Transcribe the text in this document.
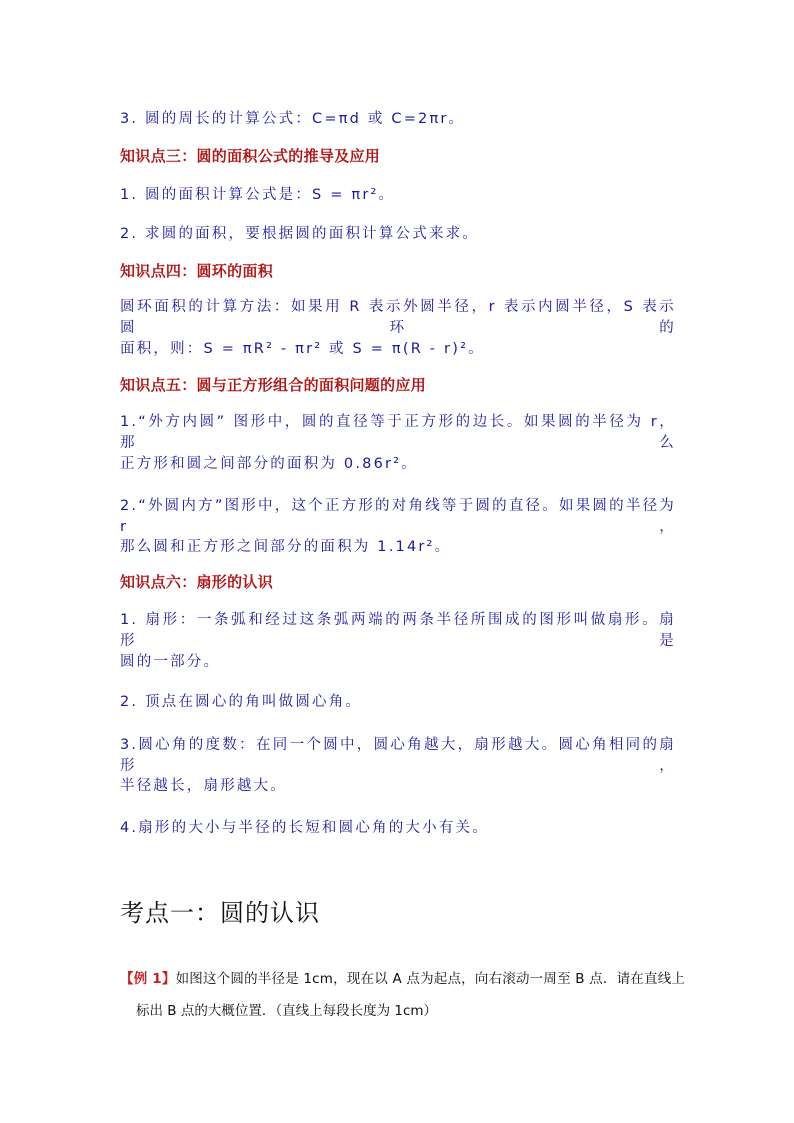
3. 圆的周长的计算公式：C=πd 或 C=2πr。
知识点三：圆的面积公式的推导及应用
1. 圆的面积计算公式是：S = πr²。
2. 求圆的面积，要根据圆的面积计算公式来求。
知识点四：圆环的面积
圆环面积的计算方法：如果用 R 表示外圆半径，r 表示内圆半径，S 表示圆环的
面积，则：S = πR² - πr² 或 S = π(R - r)²。
知识点五：圆与正方形组合的面积问题的应用
1.“外方内圆” 图形中，圆的直径等于正方形的边长。如果圆的半径为 r，那么
正方形和圆之间部分的面积为 0.86r²。
2.“外圆内方”图形中，这个正方形的对角线等于圆的直径。如果圆的半径为 r，
那么圆和正方形之间部分的面积为 1.14r²。
知识点六：扇形的认识
1. 扇形：一条弧和经过这条弧两端的两条半径所围成的图形叫做扇形。扇形是
圆的一部分。
2. 顶点在圆心的角叫做圆心角。
3.圆心角的度数：在同一个圆中，圆心角越大，扇形越大。圆心角相同的扇形，
半径越长，扇形越大。
4.扇形的大小与半径的长短和圆心角的大小有关。
考点一：圆的认识
【例 1】如图这个圆的半径是 1cm，现在以 A 点为起点，向右滚动一周至 B 点．请在直线上
标出 B 点的大概位置．（直线上每段长度为 1cm）
